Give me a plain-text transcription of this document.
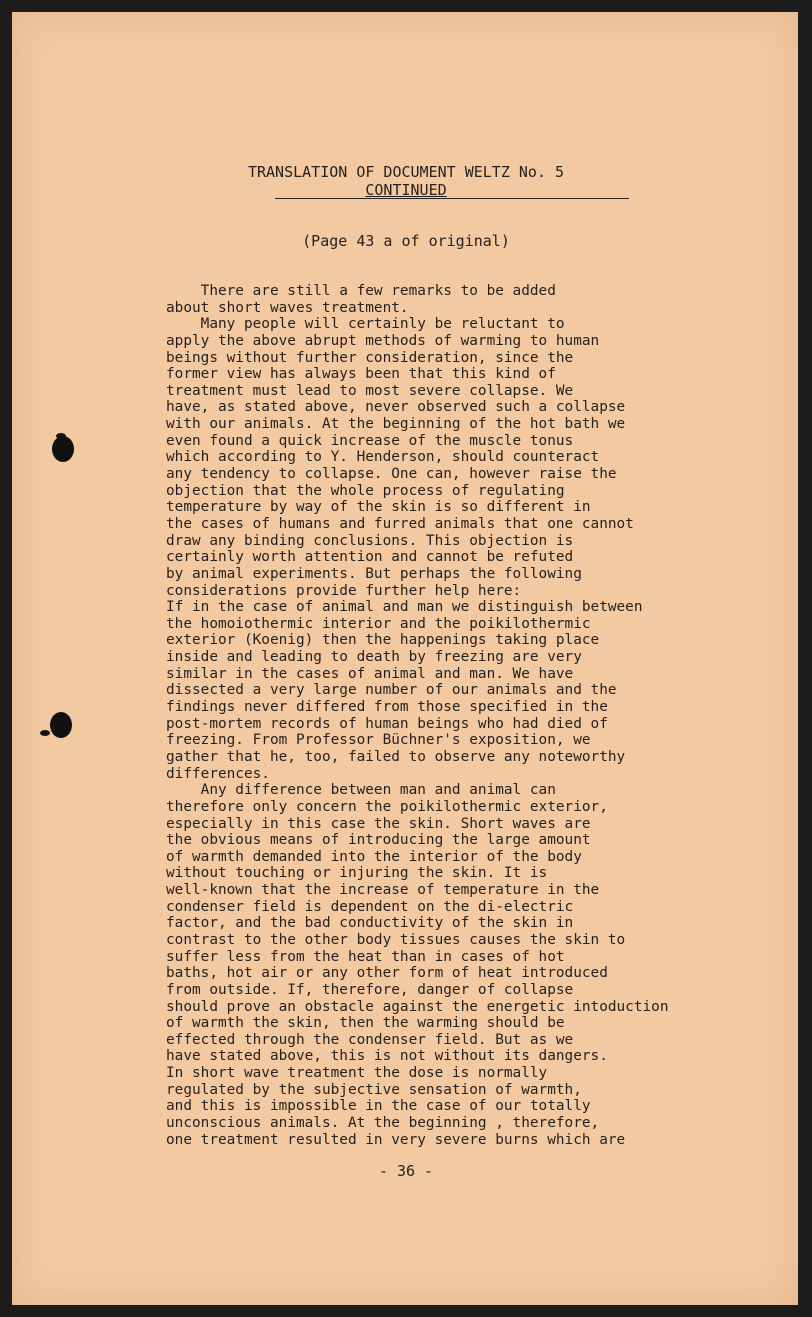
TRANSLATION OF DOCUMENT WELTZ No. 5
CONTINUED
(Page 43 a of original)
There are still a few remarks to be added
about short waves treatment.
Many people will certainly be reluctant to
apply the above abrupt methods of warming to human
beings without further consideration, since the
former view has always been that this kind of
treatment must lead to most severe collapse. We
have, as stated above, never observed such a collapse
with our animals. At the beginning of the hot bath we
even found a quick increase of the muscle tonus
which according to Y. Henderson, should counteract
any tendency to collapse. One can, however raise the
objection that the whole process of regulating
temperature by way of the skin is so different in
the cases of humans and furred animals that one cannot
draw any binding conclusions. This objection is
certainly worth attention and cannot be refuted
by animal experiments. But perhaps the following
considerations provide further help here:
If in the case of animal and man we distinguish between
the homoiothermic interior and the poikilothermic
exterior (Koenig) then the happenings taking place
inside and leading to death by freezing are very
similar in the cases of animal and man. We have
dissected a very large number of our animals and the
findings never differed from those specified in the
post-mortem records of human beings who had died of
freezing. From Professor Büchner's exposition, we
gather that he, too, failed to observe any noteworthy
differences.
Any difference between man and animal can
therefore only concern the poikilothermic exterior,
especially in this case the skin. Short waves are
the obvious means of introducing the large amount
of warmth demanded into the interior of the body
without touching or injuring the skin. It is
well-known that the increase of temperature in the
condenser field is dependent on the di-electric
factor, and the bad conductivity of the skin in
contrast to the other body tissues causes the skin to
suffer less from the heat than in cases of hot
baths, hot air or any other form of heat introduced
from outside. If, therefore, danger of collapse
should prove an obstacle against the energetic intoduction
of warmth the skin, then the warming should be
effected through the condenser field. But as we
have stated above, this is not without its dangers.
In short wave treatment the dose is normally
regulated by the subjective sensation of warmth,
and this is impossible in the case of our totally
unconscious animals. At the beginning , therefore,
one treatment resulted in very severe burns which are
- 36 -
